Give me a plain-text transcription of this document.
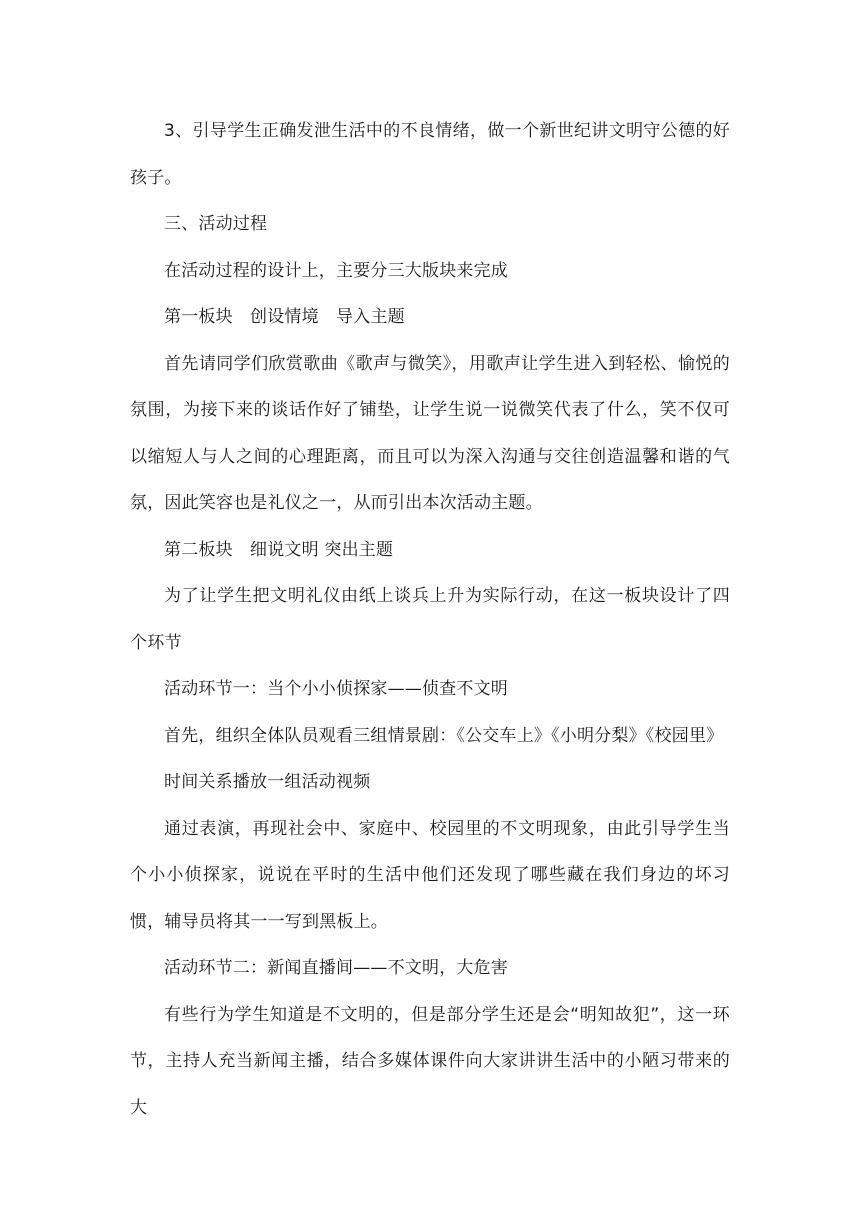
3、引导学生正确发泄生活中的不良情绪，做一个新世纪讲文明守公德的好孩子。

三、活动过程

在活动过程的设计上，主要分三大版块来完成

第一板块　创设情境　导入主题

首先请同学们欣赏歌曲《歌声与微笑》，用歌声让学生进入到轻松、愉悦的氛围，为接下来的谈话作好了铺垫，让学生说一说微笑代表了什么，笑不仅可以缩短人与人之间的心理距离，而且可以为深入沟通与交往创造温馨和谐的气氛，因此笑容也是礼仪之一，从而引出本次活动主题。

第二板块　细说文明 突出主题

为了让学生把文明礼仪由纸上谈兵上升为实际行动，在这一板块设计了四个环节

活动环节一：当个小小侦探家——侦查不文明

首先，组织全体队员观看三组情景剧：《公交车上》《小明分梨》《校园里》

时间关系播放一组活动视频

通过表演，再现社会中、家庭中、校园里的不文明现象，由此引导学生当个小小侦探家，说说在平时的生活中他们还发现了哪些藏在我们身边的坏习惯，辅导员将其一一写到黑板上。

活动环节二：新闻直播间——不文明，大危害

有些行为学生知道是不文明的，但是部分学生还是会“明知故犯”，这一环节，主持人充当新闻主播，结合多媒体课件向大家讲讲生活中的小陋习带来的大
